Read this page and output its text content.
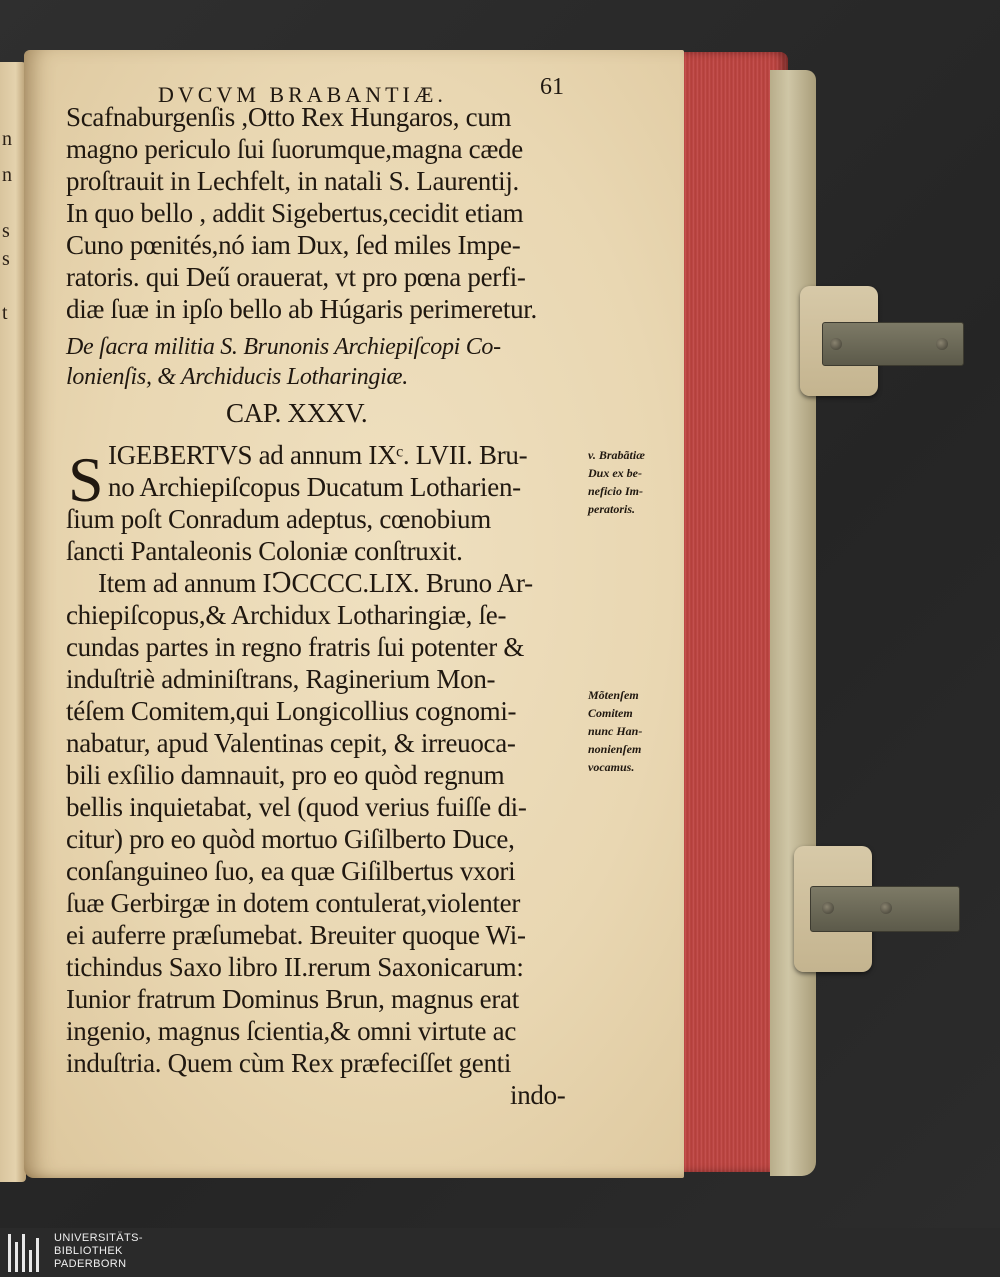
n
n
s
s
t
DVCVM BRABANTIÆ.	61
Scafnaburgenſis ,Otto Rex Hungaros, cum
magno periculo ſui ſuorumque,magna cæde
proſtrauit in Lechfelt, in natali S. Laurentij.
In quo bello , addit Sigebertus,cecidit etiam
Cuno pœnités,nó iam Dux, ſed miles Impe-
ratoris. qui Deű orauerat, vt pro pœna perfi-
diæ ſuæ in ipſo bello ab Húgaris perimeretur.
De ſacra militia S. Brunonis Archiepiſcopi Co-
lonienſis, & Archiducis Lotharingiæ.
CAP. XXXV.
IGEBERTVS ad annum IXᶜ. LVII. Bru-
no Archiepiſcopus Ducatum Lotharien-
ſium poſt Conradum adeptus, cœnobium
ſancti Pantaleonis Coloniæ conſtruxit.
Item ad annum IↃCCCC.LIX. Bruno Ar-
chiepiſcopus,& Archidux Lotharingiæ, ſe-
cundas partes in regno fratris ſui potenter &
induſtriè adminiſtrans, Raginerium Mon-
téſem Comitem,qui Longicollius cognomi-
nabatur, apud Valentinas cepit, & irreuoca-
bili exſilio damnauit, pro eo quòd regnum
bellis inquietabat, vel (quod verius fuiſſe di-
citur) pro eo quòd mortuo Giſilberto Duce,
conſanguineo ſuo, ea quæ Giſilbertus vxori
ſuæ Gerbirgæ in dotem contulerat,violenter
ei auferre præſumebat. Breuiter quoque Wi-
tichindus Saxo libro II.rerum Saxonicarum:
Iunior fratrum Dominus Brun, magnus erat
ingenio, magnus ſcientia,& omni virtute ac
induſtria. Quem cùm Rex præfeciſſet genti
indo-
S	v. Brabãtiæ
Dux ex be-
neficio Im-
peratoris.
Mõtenſem
Comitem
nunc Han-
nonienſem
vocamus.
UNIVERSITÄTS-
BIBLIOTHEK
PADERBORN
